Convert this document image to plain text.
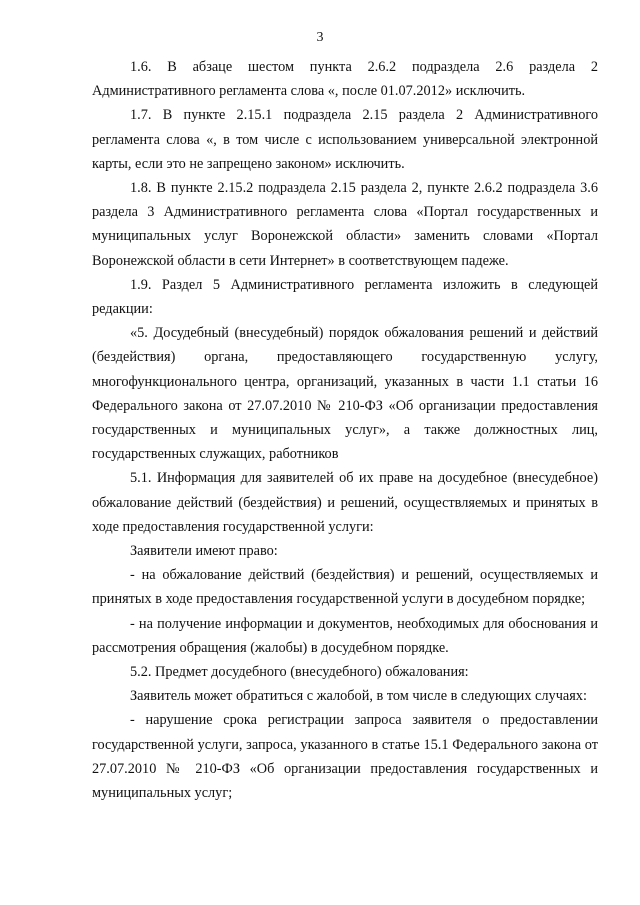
3

1.6. В абзаце шестом пункта 2.6.2 подраздела 2.6 раздела 2 Административного регламента слова «, после 01.07.2012» исключить.

1.7. В пункте 2.15.1 подраздела 2.15 раздела 2 Административного регламента слова «, в том числе с использованием универсальной электронной карты, если это не запрещено законом» исключить.

1.8. В пункте 2.15.2 подраздела 2.15 раздела 2, пункте 2.6.2 подраздела 3.6 раздела 3 Административного регламента слова «Портал государственных и муниципальных услуг Воронежской области» заменить словами «Портал Воронежской области в сети Интернет» в соответствующем падеже.

1.9. Раздел 5 Административного регламента изложить в следующей редакции:

«5. Досудебный (внесудебный) порядок обжалования решений и действий (бездействия) органа, предоставляющего государственную услугу, многофункционального центра, организаций, указанных в части 1.1 статьи 16 Федерального закона от 27.07.2010 № 210-ФЗ «Об организации предоставления государственных и муниципальных услуг», а также должностных лиц, государственных служащих, работников

5.1. Информация для заявителей об их праве на досудебное (внесудебное) обжалование действий (бездействия) и решений, осуществляемых и принятых в ходе предоставления государственной услуги:

Заявители имеют право:

- на обжалование действий (бездействия) и решений, осуществляемых и принятых в ходе предоставления государственной услуги в досудебном порядке;

- на получение информации и документов, необходимых для обоснования и рассмотрения обращения (жалобы) в досудебном порядке.

5.2. Предмет досудебного (внесудебного) обжалования:

Заявитель может обратиться с жалобой, в том числе в следующих случаях:

- нарушение срока регистрации запроса заявителя о предоставлении государственной услуги, запроса, указанного в статье 15.1 Федерального закона от 27.07.2010 № 210-ФЗ «Об организации предоставления государственных и муниципальных услуг;
